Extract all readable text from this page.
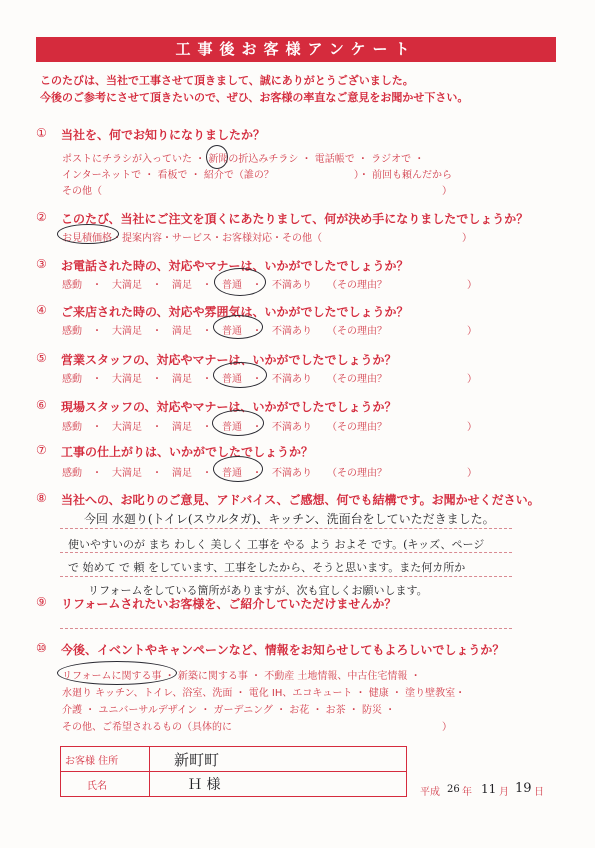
工事後お客様アンケート
このたびは、当社で工事させて頂きまして、誠にありがとうございました。
今後のご参考にさせて頂きたいので、ぜひ、お客様の率直なご意見をお聞かせ下さい。
① 当社を、何でお知りになりましたか？
ポストにチラシが入っていた ・ 新聞の折込みチラシ ・ 電話帳で ・ ラジオで ・
インターネットで ・ 看板で ・ 紹介で（誰の？　　　　　　　　）・ 前回も頼んだから
その他（　　　　　　　　　　　　　　　　　　　　　　　　　　　　　　　　　　）
② このたび、当社にご注文を頂くにあたりまして、何が決め手になりましたでしょうか？
お見積価格・提案内容・サービス・お客様対応・その他（　　　　　　　　　　　　　　）
③ お電話された時の、対応やマナーは、いかがでしたでしょうか？
感動　・　大満足　・　満足　・　普通　・　不満あり　　（その理由？　　　　　　　　）
④ ご来店された時の、対応や雰囲気は、いかがでしたでしょうか？
感動　・　大満足　・　満足　・　普通　・　不満あり　　（その理由？　　　　　　　　）
⑤ 営業スタッフの、対応やマナーは、いかがでしたでしょうか？
感動　・　大満足　・　満足　・　普通　・　不満あり　　（その理由？　　　　　　　　）
⑥ 現場スタッフの、対応やマナーは、いかがでしたでしょうか？
感動　・　大満足　・　満足　・　普通　・　不満あり　　（その理由？　　　　　　　　）
⑦ 工事の仕上がりは、いかがでしたでしょうか？
感動　・　大満足　・　満足　・　普通　・　不満あり　　（その理由？　　　　　　　　）
⑧ 当社への、お叱りのご意見、アドバイス、ご感想、何でも結構です。お聞かせください。
今回 水廻り(トイレ(スウルタガ)、キッチン、洗面台をしていただきました。
使いやすいのが まち わしく 美しく 工事を やる よう およそ です。(キッズ、ページ
で 始めて で 頼 をしています、工事をしたから、そうと思います。また何カ所か
リフォームをしている箇所がありますが、次も宜しくお願いします。
⑨ リフォームされたいお客様を、ご紹介していただけませんか？
⑩ 今後、イベントやキャンペーンなど、情報をお知らせしてもよろしいでしょうか？
リフォームに関する事 ・ 新築に関する事 ・ 不動産 土地情報、中古住宅情報 ・
水廻り キッチン、トイレ、浴室、洗面 ・ 電化 IH、エコキュート ・ 健康 ・ 塗り壁教室・
介護 ・ ユニバーサルデザイン ・ ガーデニング ・ お花 ・ お茶 ・ 防災 ・
その他、ご希望されるもの（具体的に　　　　　　　　　　　　　　　　　　　　　）
お客様 住所	新町町

氏名	Ｈ 様	平成 26 年 11 月 19 日
